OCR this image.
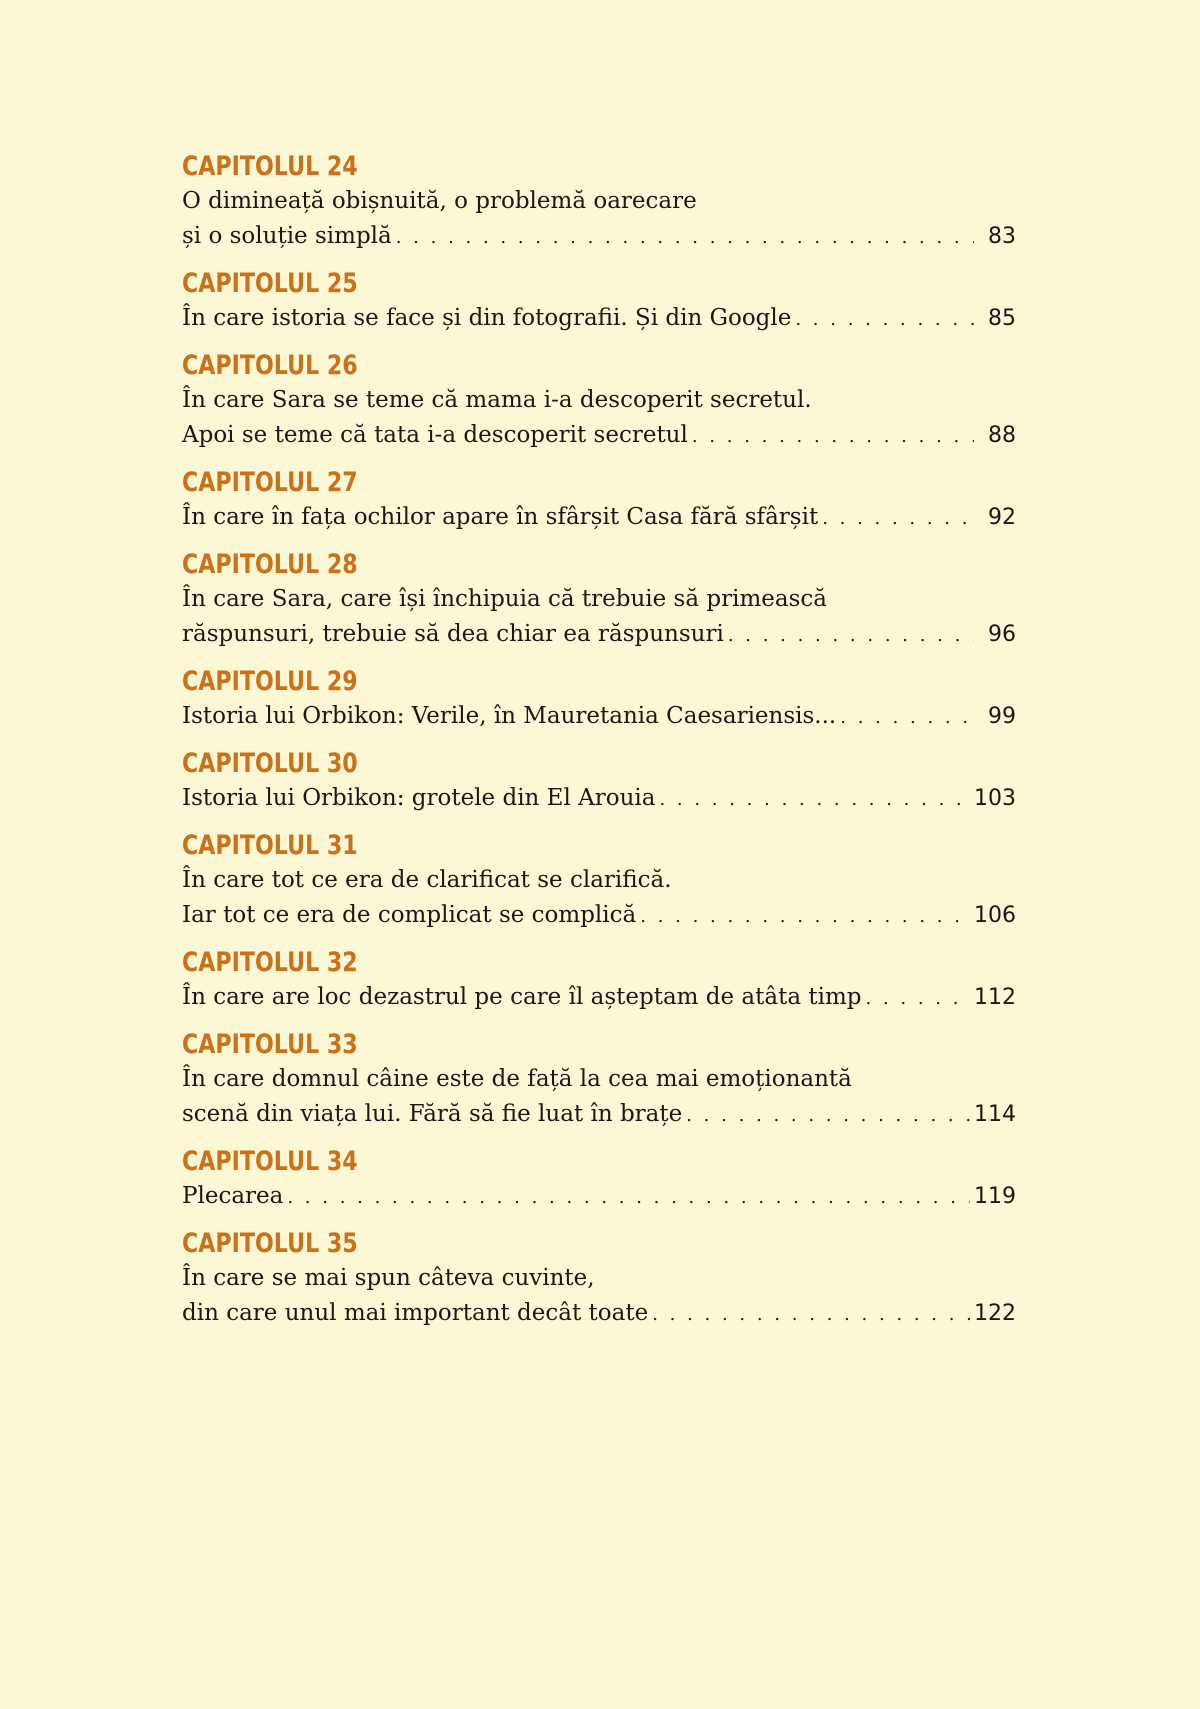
CAPITOLUL 24
O dimineață obișnuită, o problemă oarecare
și o soluție simplă . . .	83
CAPITOLUL 25
În care istoria se face și din fotografii. Și din Google . . .	85
CAPITOLUL 26
În care Sara se teme că mama i-a descoperit secretul.
Apoi se teme că tata i-a descoperit secretul . . .	88
CAPITOLUL 27
În care în fața ochilor apare în sfârșit Casa fără sfârșit . . .	92
CAPITOLUL 28
În care Sara, care își închipuia că trebuie să primească
răspunsuri, trebuie să dea chiar ea răspunsuri . . .	96
CAPITOLUL 29
Istoria lui Orbikon: Verile, în Mauretania Caesariensis... . . .	99
CAPITOLUL 30
Istoria lui Orbikon: grotele din El Arouia . . .	103
CAPITOLUL 31
În care tot ce era de clarificat se clarifică.
Iar tot ce era de complicat se complică . . .	106
CAPITOLUL 32
În care are loc dezastrul pe care îl așteptam de atâta timp . . .	112
CAPITOLUL 33
În care domnul câine este de față la cea mai emoționantă
scenă din viața lui. Fără să fie luat în brațe . . .	114
CAPITOLUL 34
Plecarea . . .	119
CAPITOLUL 35
În care se mai spun câteva cuvinte,
din care unul mai important decât toate . . .	122
